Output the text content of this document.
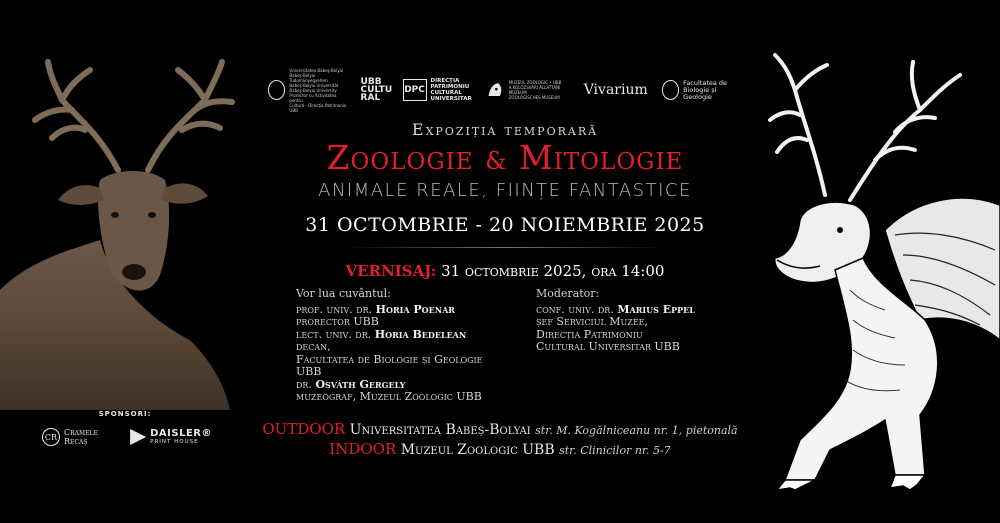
Universitatea Babeş-Bolyai
Babeş-Bolyai Tudományegyetem
Babeş-Bolyai Universität
Babeş-Bolyai University
Prorector cu Activitatea pentru
Cultură - Direcția Patrimoniu UBB
UBB
CULTU
RAL
DPC
DIRECȚIA
PATRIMONIU
CULTURAL
UNIVERSITAR
MUZEUL ZOOLOGIC • UBB
A KOLOZSVÁRI ÁLLATTANI MÚZEUM
ZOOLOGISCHES MUSEUM	Vivarium	Facultatea de
Biologie și Geologie
Expoziția temporară
Zoologie & Mitologie
ANIMALE REALE, FIINȚE FANTASTICE
31 OCTOMBRIE - 20 NOIEMBRIE 2025
VERNISAJ: 31 octombrie 2025, ora 14:00
Vor lua cuvântul:
prof. univ. dr. Horia Poenar
prorector UBB
lect. univ. dr. Horia Bedelean
decan,
Facultatea de Biologie și Geologie UBB
dr. Osváth Gergely
muzeograf, Muzeul Zoologic UBB
Moderator:
conf. univ. dr. Marius Eppel
șef Serviciul Muzee,
Direcția Patrimoniu
Cultural Universitar UBB
OUTDOOR Universitatea Babeș-Bolyai str. M. Kogălniceanu nr. 1, pietonală
INDOOR Muzeul Zoologic UBB str. Clinicilor nr. 5-7
SPONSORI:
CR Cramele
Recaș
DAISLER®
PRINT HOUSE
